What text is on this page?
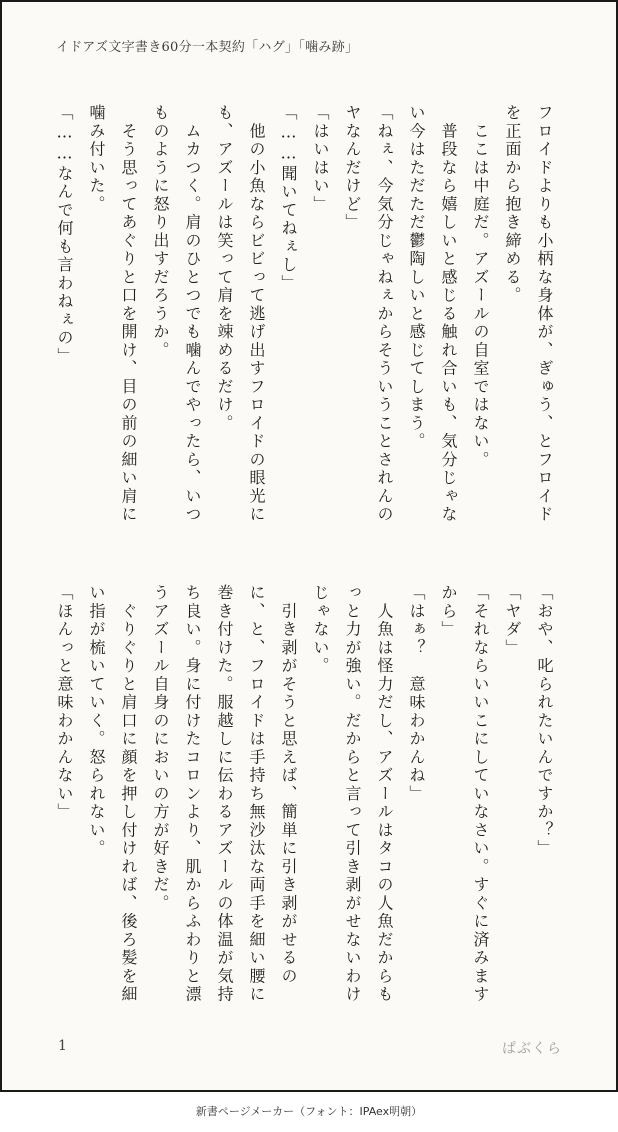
イドアズ文字書き60分一本契約「ハグ」「噛み跡」

フロイドよりも小柄な身体が、ぎゅう、とフロイドを正面から抱き締める。

　ここは中庭だ。アズールの自室ではない。

　普段なら嬉しいと感じる触れ合いも、気分じゃない今はただただ鬱陶しいと感じてしまう。

「ねぇ、今気分じゃねぇからそういうことされんのヤなんだけど」

「はいはい」

「……聞いてねぇし」

　他の小魚ならビビって逃げ出すフロイドの眼光にも、アズールは笑って肩を竦めるだけ。

　ムカつく。肩のひとつでも噛んでやったら、いつものように怒り出すだろうか。

　そう思ってあぐりと口を開け、目の前の細い肩に噛み付いた。

「……なんで何も言わねぇの」

「おや、叱られたいんですか？」

「ヤダ」

「それならいいこにしていなさい。すぐに済みますから」

「はぁ？　意味わかんね」

　人魚は怪力だし、アズールはタコの人魚だからもっと力が強い。だからと言って引き剥がせないわけじゃない。

　引き剥がそうと思えば、簡単に引き剥がせるのに、と、フロイドは手持ち無沙汰な両手を細い腰に巻き付けた。服越しに伝わるアズールの体温が気持ち良い。身に付けたコロンより、肌からふわりと漂うアズール自身のにおいの方が好きだ。

　ぐりぐりと肩口に顔を押し付ければ、後ろ髪を細い指が梳いていく。怒られない。

「ほんっと意味わかんない」

1	ぱぶくら
新書ページメーカー（フォント：IPAex明朝）
